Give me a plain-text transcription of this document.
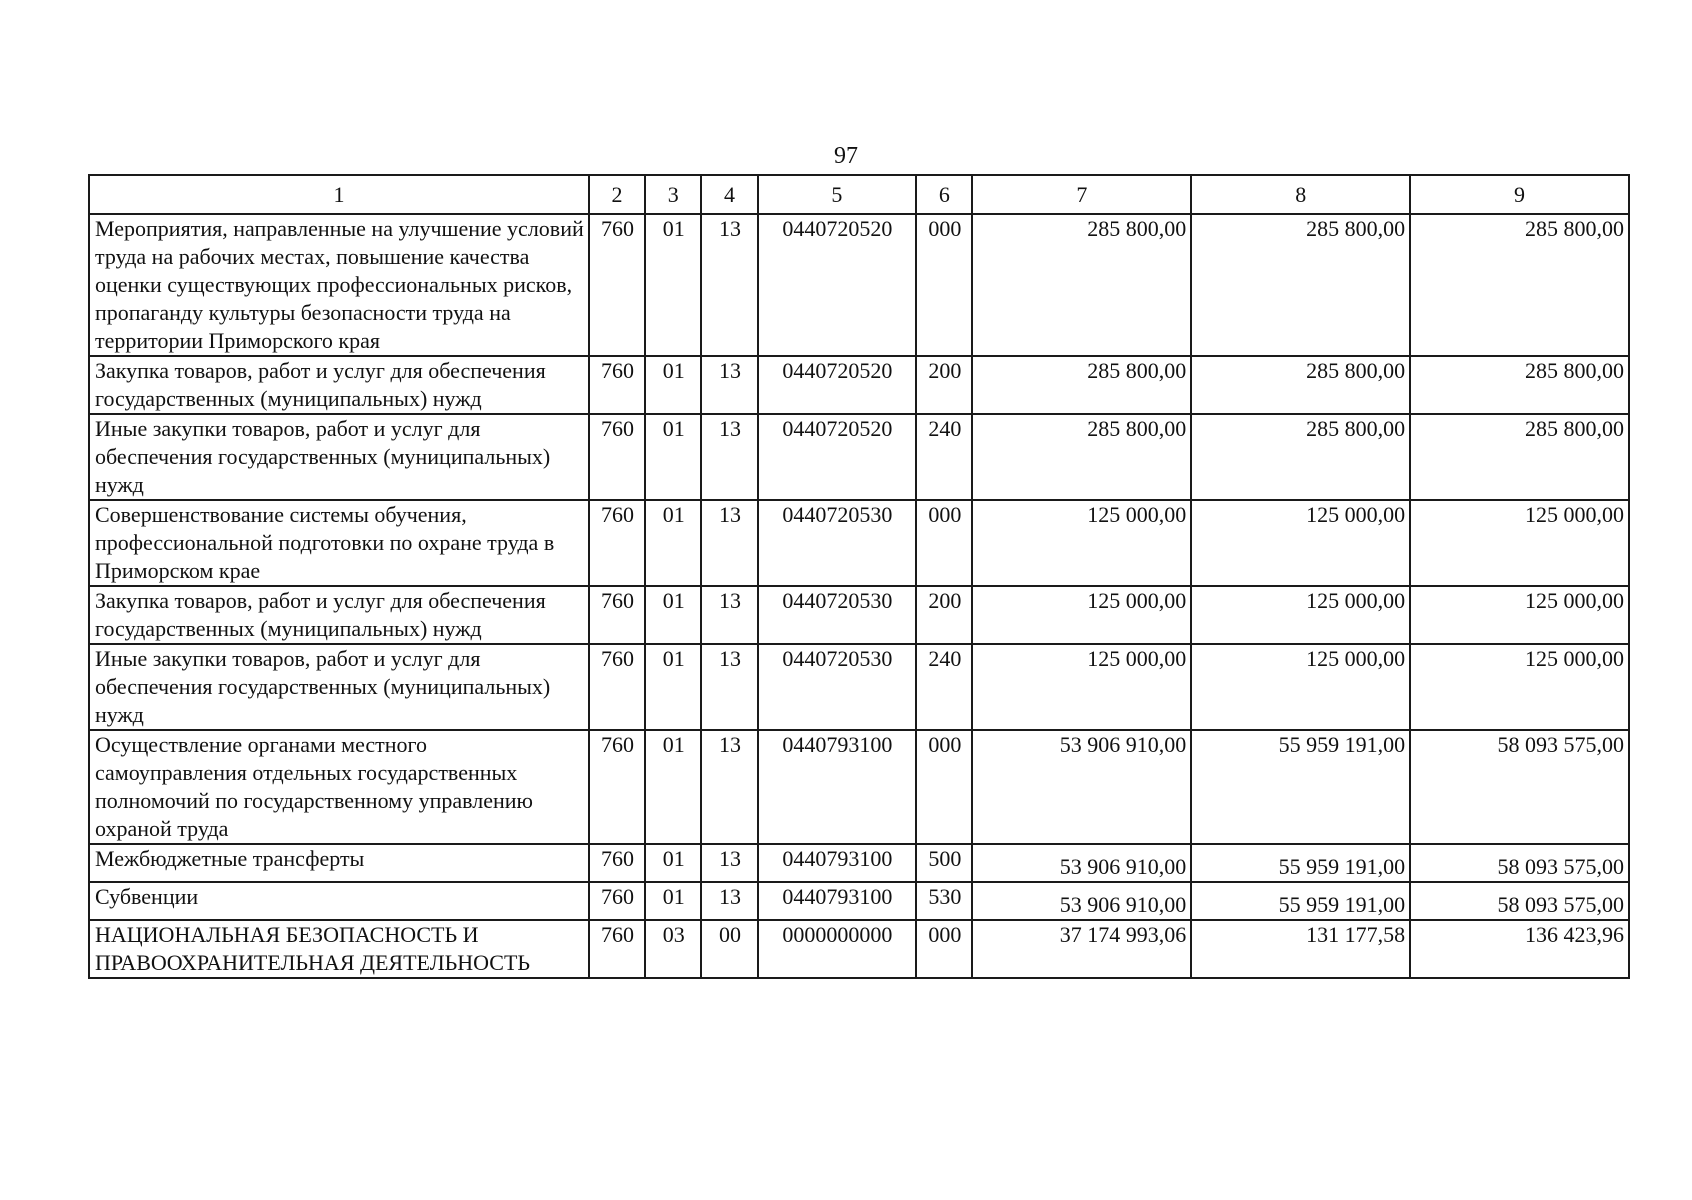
97
1	2	3	4	5	6	7	8	9
Мероприятия, направленные на улучшение условий труда на рабочих местах, повышение качества оценки существующих профессиональных рисков, пропаганду культуры безопасности труда на территории Приморского края	760	01	13	0440720520	000	285 800,00	285 800,00	285 800,00
Закупка товаров, работ и услуг для обеспечения государственных (муниципальных) нужд	760	01	13	0440720520	200	285 800,00	285 800,00	285 800,00
Иные закупки товаров, работ и услуг для обеспечения государственных (муниципальных) нужд	760	01	13	0440720520	240	285 800,00	285 800,00	285 800,00
Совершенствование системы обучения, профессиональной подготовки по охране труда в Приморском крае	760	01	13	0440720530	000	125 000,00	125 000,00	125 000,00
Закупка товаров, работ и услуг для обеспечения государственных (муниципальных) нужд	760	01	13	0440720530	200	125 000,00	125 000,00	125 000,00
Иные закупки товаров, работ и услуг для обеспечения государственных (муниципальных) нужд	760	01	13	0440720530	240	125 000,00	125 000,00	125 000,00
Осуществление органами местного самоуправления отдельных государственных полномочий по государственному управлению охраной труда	760	01	13	0440793100	000	53 906 910,00	55 959 191,00	58 093 575,00
Межбюджетные трансферты	760	01	13	0440793100	500	53 906 910,00	55 959 191,00	58 093 575,00
Субвенции	760	01	13	0440793100	530	53 906 910,00	55 959 191,00	58 093 575,00
НАЦИОНАЛЬНАЯ БЕЗОПАСНОСТЬ И ПРАВООХРАНИТЕЛЬНАЯ ДЕЯТЕЛЬНОСТЬ	760	03	00	0000000000	000	37 174 993,06	131 177,58	136 423,96
